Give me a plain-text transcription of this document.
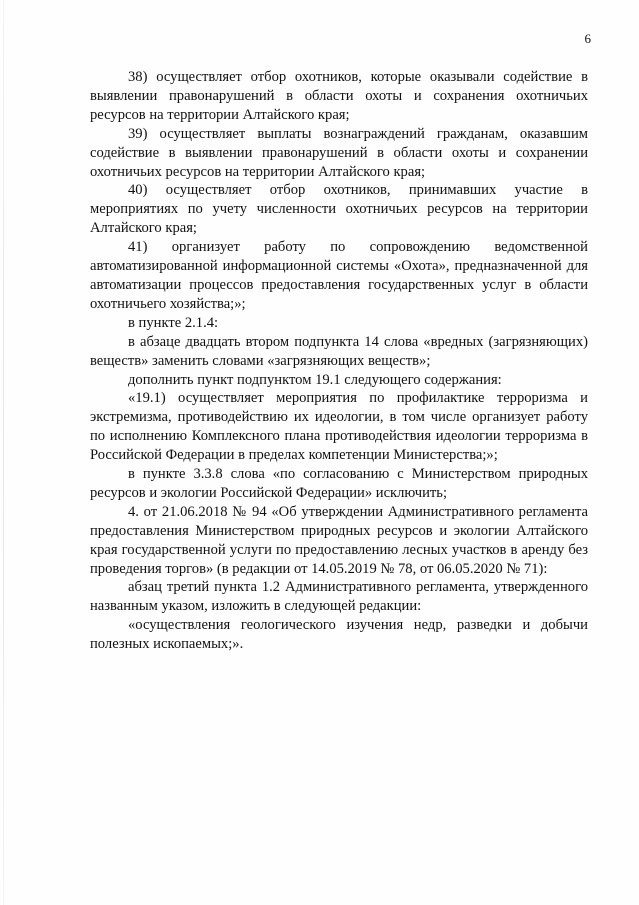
6

38) осуществляет отбор охотников, которые оказывали содействие в выявлении правонарушений в области охоты и сохранения охотничьих ресурсов на территории Алтайского края;

39) осуществляет выплаты вознаграждений гражданам, оказавшим содействие в выявлении правонарушений в области охоты и сохранении охотничьих ресурсов на территории Алтайского края;

40) осуществляет отбор охотников, принимавших участие в мероприятиях по учету численности охотничьих ресурсов на территории Алтайского края;

41) организует работу по сопровождению ведомственной автоматизированной информационной системы «Охота», предназначенной для автоматизации процессов предоставления государственных услуг в области охотничьего хозяйства;»;

в пункте 2.1.4:

в абзаце двадцать втором подпункта 14 слова «вредных (загрязняющих) веществ» заменить словами «загрязняющих веществ»;

дополнить пункт подпунктом 19.1 следующего содержания:

«19.1) осуществляет мероприятия по профилактике терроризма и экстремизма, противодействию их идеологии, в том числе организует работу по исполнению Комплексного плана противодействия идеологии терроризма в Российской Федерации в пределах компетенции Министерства;»;

в пункте 3.3.8 слова «по согласованию с Министерством природных ресурсов и экологии Российской Федерации» исключить;

4. от 21.06.2018 № 94 «Об утверждении Административного регламента предоставления Министерством природных ресурсов и экологии Алтайского края государственной услуги по предоставлению лесных участков в аренду без проведения торгов» (в редакции от 14.05.2019 № 78, от 06.05.2020 № 71):

абзац третий пункта 1.2 Административного регламента, утвержденного названным указом, изложить в следующей редакции:

«осуществления геологического изучения недр, разведки и добычи полезных ископаемых;».
